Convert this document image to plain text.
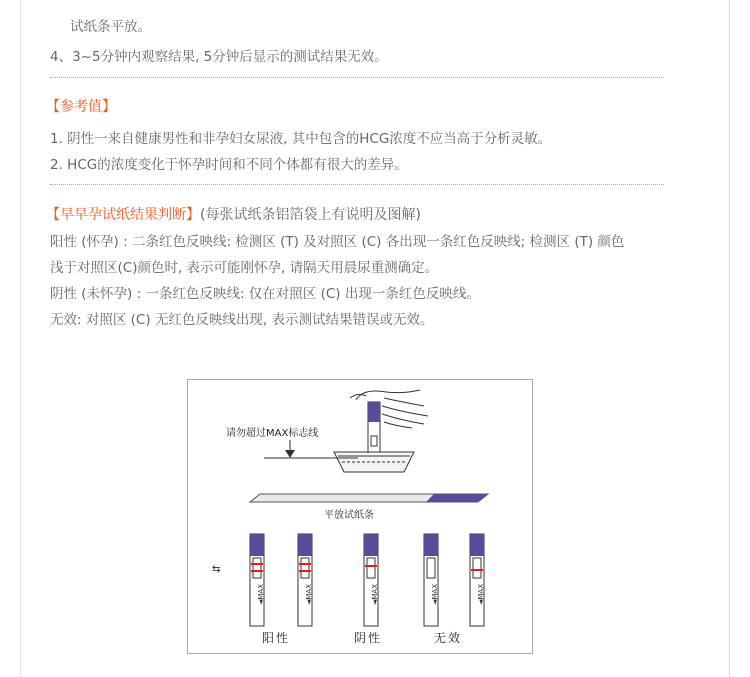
试纸条平放。
4、3~5分钟内观察结果, 5分钟后显示的测试结果无效。
【参考值】
1. 阴性一来自健康男性和非孕妇女尿液, 其中包含的HCG浓度不应当高于分析灵敏。
2. HCG的浓度变化于怀孕时间和不同个体都有很大的差异。
【早早孕试纸结果判断】(每张试纸条铝箔袋上有说明及图解)
阳性 (怀孕) : 二条红色反映线: 检测区 (T) 及对照区 (C) 各出现一条红色反映线; 检测区 (T) 颜色
浅于对照区(C)颜色时, 表示可能刚怀孕, 请隔天用晨尿重测确定。
阴性 (未怀孕) : 一条红色反映线: 仅在对照区 (C) 出现一条红色反映线。
无效: 对照区 (C) 无红色反映线出现, 表示测试结果错误或无效。
请勿超过MAX标志线
平放试纸条
⇆
◄MAX	◄MAX	◄MAX	◄MAX	◄MAX
阳性	阴性	无效
